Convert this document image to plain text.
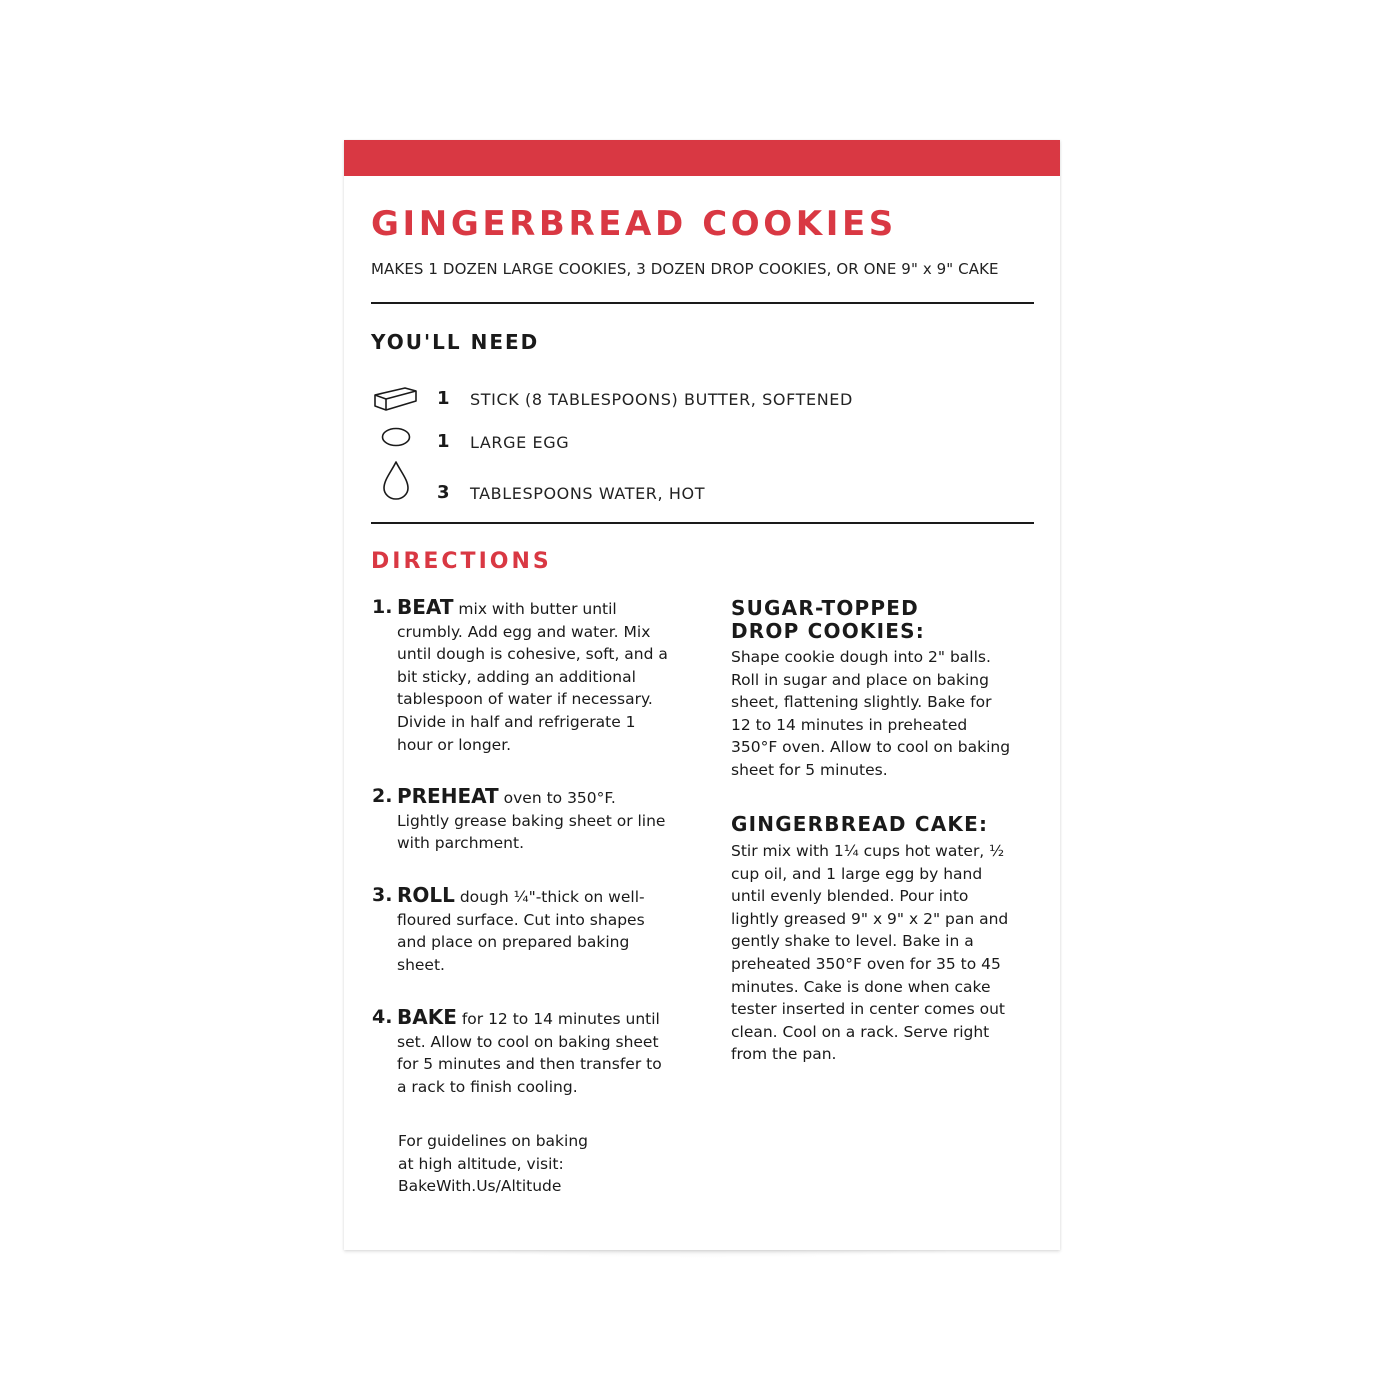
GINGERBREAD COOKIES
MAKES 1 DOZEN LARGE COOKIES, 3 DOZEN DROP COOKIES, OR ONE 9" x 9" CAKE
YOU'LL NEED
1 STICK (8 TABLESPOONS) BUTTER, SOFTENED
1 LARGE EGG
3 TABLESPOONS WATER, HOT
DIRECTIONS
1. BEAT mix with butter until crumbly. Add egg and water. Mix until dough is cohesive, soft, and a bit sticky, adding an additional tablespoon of water if necessary. Divide in half and refrigerate 1 hour or longer.
2. PREHEAT oven to 350°F. Lightly grease baking sheet or line with parchment.
3. ROLL dough ¼"-thick on well-floured surface. Cut into shapes and place on prepared baking sheet.
4. BAKE for 12 to 14 minutes until set. Allow to cool on baking sheet for 5 minutes and then transfer to a rack to finish cooling.
For guidelines on baking
at high altitude, visit:
BakeWith.Us/Altitude
SUGAR-TOPPED
DROP COOKIES:
Shape cookie dough into 2" balls. Roll in sugar and place on baking sheet, flattening slightly. Bake for 12 to 14 minutes in preheated 350°F oven. Allow to cool on baking sheet for 5 minutes.
GINGERBREAD CAKE:
Stir mix with 1¼ cups hot water, ½ cup oil, and 1 large egg by hand until evenly blended. Pour into lightly greased 9" x 9" x 2" pan and gently shake to level. Bake in a preheated 350°F oven for 35 to 45 minutes. Cake is done when cake tester inserted in center comes out clean. Cool on a rack. Serve right from the pan.
